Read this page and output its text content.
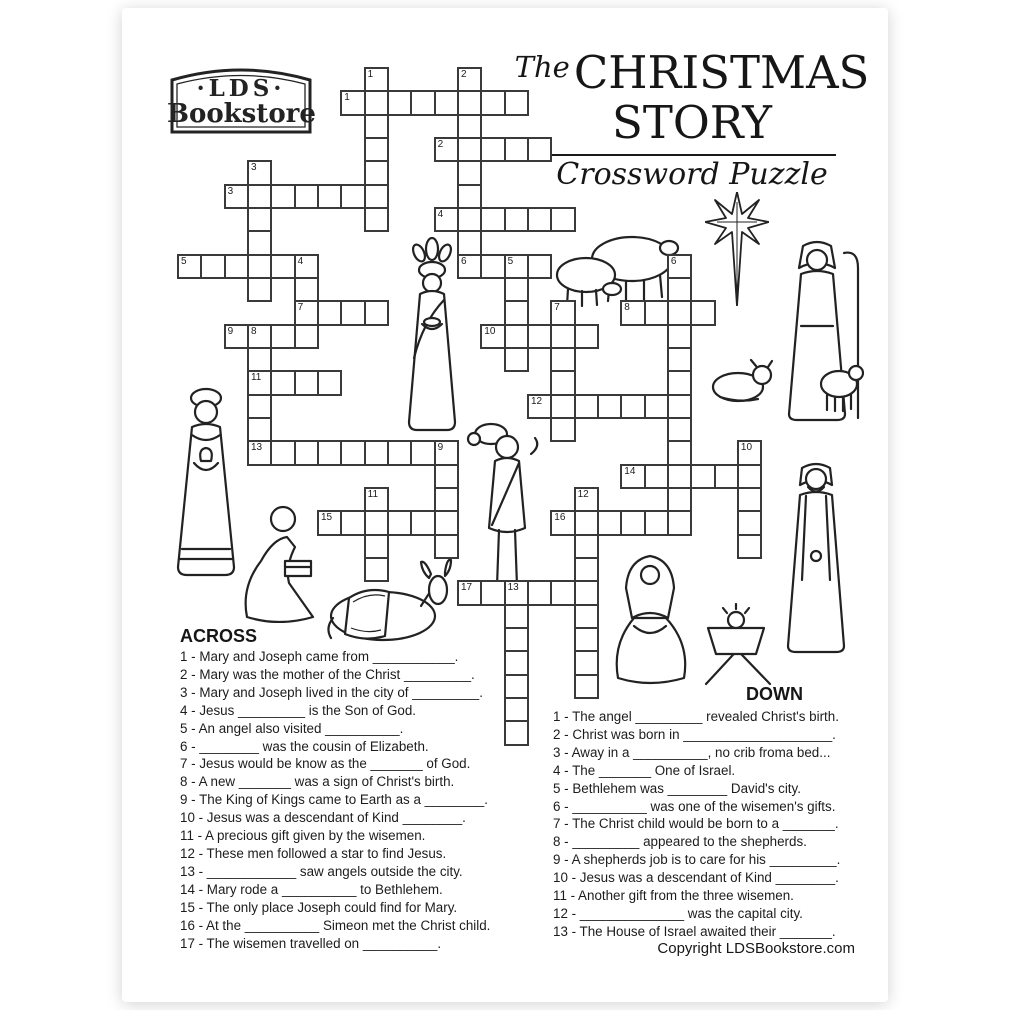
·LDS·
Bookstore
The CHRISTMAS
STORY
Crossword Puzzle
1
2
3
4
5	6
7	8
9	10
11
12
13
14
15	16
17
1	2
3
4	5	6
7
8
9	10
11	12
13
ACROSS
1 - Mary and Joseph came from ___________.
2 - Mary was the mother of the Christ _________.
3 - Mary and Joseph lived in the city of _________.
4 - Jesus _________ is the Son of God.
5 - An angel also visited __________.
6 - ________ was the cousin of Elizabeth.
7 - Jesus would be know as the _______ of God.
8 - A new _______ was a sign of Christ's birth.
9 - The King of Kings came to Earth as a ________.
10 - Jesus was a descendant of Kind ________.
11 - A precious gift given by the wisemen.
12 - These men followed a star to find Jesus.
13 - ____________ saw angels outside the city.
14 - Mary rode a __________ to Bethlehem.
15 - The only place Joseph could find for Mary.
16 - At the __________ Simeon met the Christ child.
17 - The wisemen travelled on __________.
DOWN
1 - The angel _________ revealed Christ's birth.
2 - Christ was born in ____________________.
3 - Away in a __________, no crib froma bed...
4 - The _______ One of Israel.
5 - Bethlehem was ________ David's city.
6 - __________ was one of the wisemen's gifts.
7 - The Christ child would be born to a _______.
8 - _________ appeared to the shepherds.
9 - A shepherds job is to care for his _________.
10 - Jesus was a descendant of Kind ________.
11 - Another gift from the three wisemen.
12 - ______________ was the capital city.
13 - The House of Israel awaited their _______.
Copyright LDSBookstore.com
